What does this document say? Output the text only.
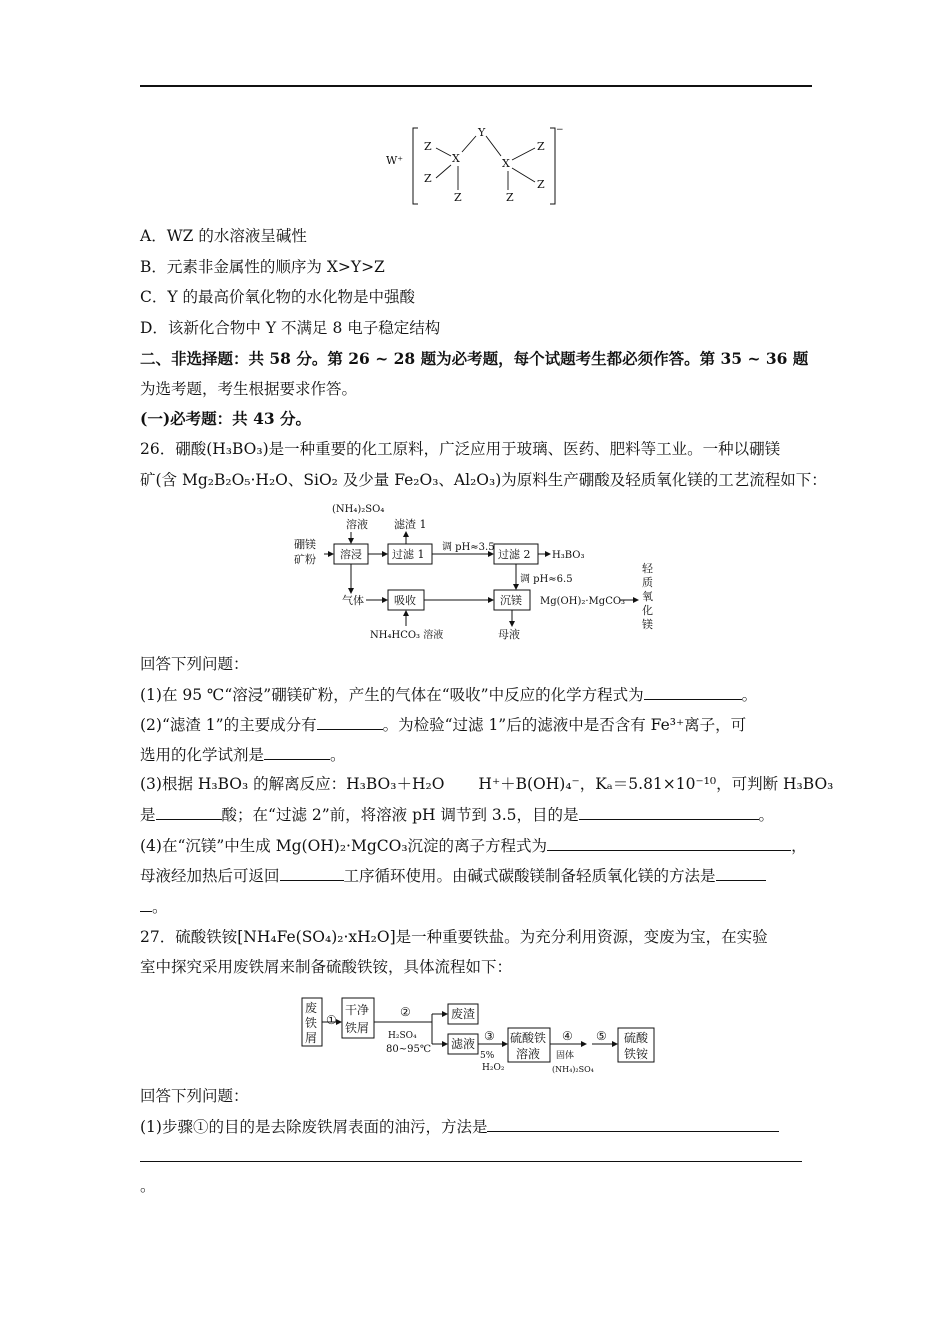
W⁺
−
Y
X	X
Z
Z
Z
Z
Z
Z
A．WZ 的水溶液呈碱性
B．元素非金属性的顺序为 X>Y>Z
C．Y 的最高价氧化物的水化物是中强酸
D．该新化合物中 Y 不满足 8 电子稳定结构
二、非选择题：共 58 分。第 26 ~ 28 题为必考题，每个试题考生都必须作答。第 35 ~ 36 题
为选考题，考生根据要求作答。
(一)必考题：共 43 分。
26．硼酸(H₃BO₃)是一种重要的化工原料，广泛应用于玻璃、医药、肥料等工业。一种以硼镁
矿(含 Mg₂B₂O₅·H₂O、SiO₂ 及少量 Fe₂O₃、Al₂O₃)为原料生产硼酸及轻质氧化镁的工艺流程如下：
(NH₄)₂SO₄
溶液
硼镁
矿粉 溶浸
滤渣 1
过滤 1
调 pH≈3.5
过滤 2 H₃BO₃
调 pH≈6.5
气体	吸收	沉镁 Mg(OH)₂·MgCO₃
轻
质
氧
化
镁
NH₄HCO₃ 溶液	母液
回答下列问题：
(1)在 95 ℃“溶浸”硼镁矿粉，产生的气体在“吸收”中反应的化学方程式为	。
(2)“滤渣 1”的主要成分有	。为检验“过滤 1”后的滤液中是否含有 Fe³⁺离子，可
选用的化学试剂是	。
(3)根据 H₃BO₃ 的解离反应：H₃BO₃＋H₂O H⁺＋B(OH)₄⁻，Kₐ＝5.81×10⁻¹⁰，可判断 H₃BO₃
是	酸；在“过滤 2”前，将溶液 pH 调节到 3.5，目的是	。
(4)在“沉镁”中生成 Mg(OH)₂·MgCO₃沉淀的离子方程式为	，
母液经加热后可返回	工序循环使用。由碱式碳酸镁制备轻质氧化镁的方法是
。
27．硫酸铁铵[NH₄Fe(SO₄)₂·xH₂O]是一种重要铁盐。为充分利用资源，变废为宝，在实验
室中探究采用废铁屑来制备硫酸铁铵，具体流程如下：
废
铁
屑
①
干净
铁屑
②
H₂SO₄
80~95℃
废渣
滤液
③
5%
H₂O₂
硫酸铁
溶液
④
固体
(NH₄)₂SO₄
⑤ 硫酸
铁铵
回答下列问题：
(1)步骤①的目的是去除废铁屑表面的油污，方法是
。
